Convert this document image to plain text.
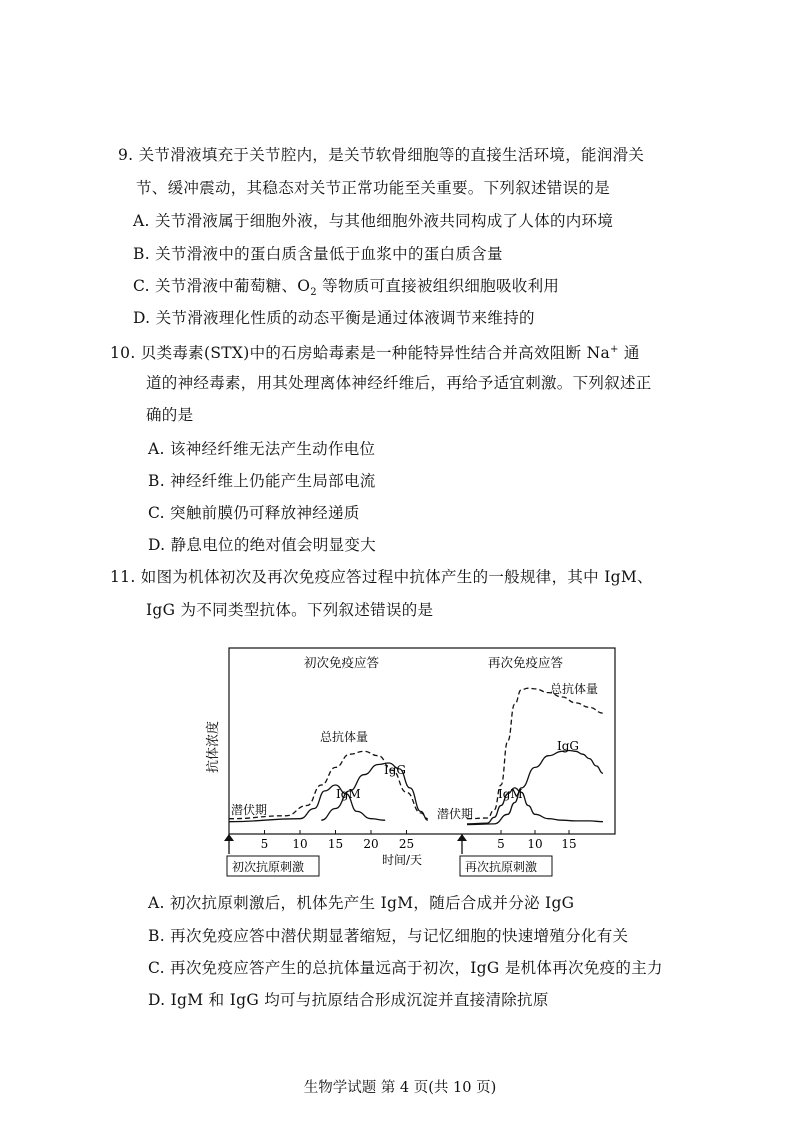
9. 关节滑液填充于关节腔内，是关节软骨细胞等的直接生活环境，能润滑关
节、缓冲震动，其稳态对关节正常功能至关重要。下列叙述错误的是
A. 关节滑液属于细胞外液，与其他细胞外液共同构成了人体的内环境
B. 关节滑液中的蛋白质含量低于血浆中的蛋白质含量
C. 关节滑液中葡萄糖、$O_2$ 等物质可直接被组织细胞吸收利用
D. 关节滑液理化性质的动态平衡是通过体液调节来维持的
10. 贝类毒素(STX)中的石房蛤毒素是一种能特异性结合并高效阻断 Na+ 通
道的神经毒素，用其处理离体神经纤维后，再给予适宜刺激。下列叙述正
确的是
A. 该神经纤维无法产生动作电位
B. 神经纤维上仍能产生局部电流
C. 突触前膜仍可释放神经递质
D. 静息电位的绝对值会明显变大
11. 如图为机体初次及再次免疫应答过程中抗体产生的一般规律，其中 IgM、
IgG 为不同类型抗体。下列叙述错误的是
抗体浓度
初次免疫应答	再次免疫应答
潜伏期	潜伏期
5 10 15 20 25	5 10 15
总抗体量
IgM
IgG
总抗体量
IgM
IgG
时间/天
初次抗原刺激	再次抗原刺激
A. 初次抗原刺激后，机体先产生 IgM，随后合成并分泌 IgG
B. 再次免疫应答中潜伏期显著缩短，与记忆细胞的快速增殖分化有关
C. 再次免疫应答产生的总抗体量远高于初次，IgG 是机体再次免疫的主力
D. IgM 和 IgG 均可与抗原结合形成沉淀并直接清除抗原
生物学试题 第 4 页(共 10 页)
